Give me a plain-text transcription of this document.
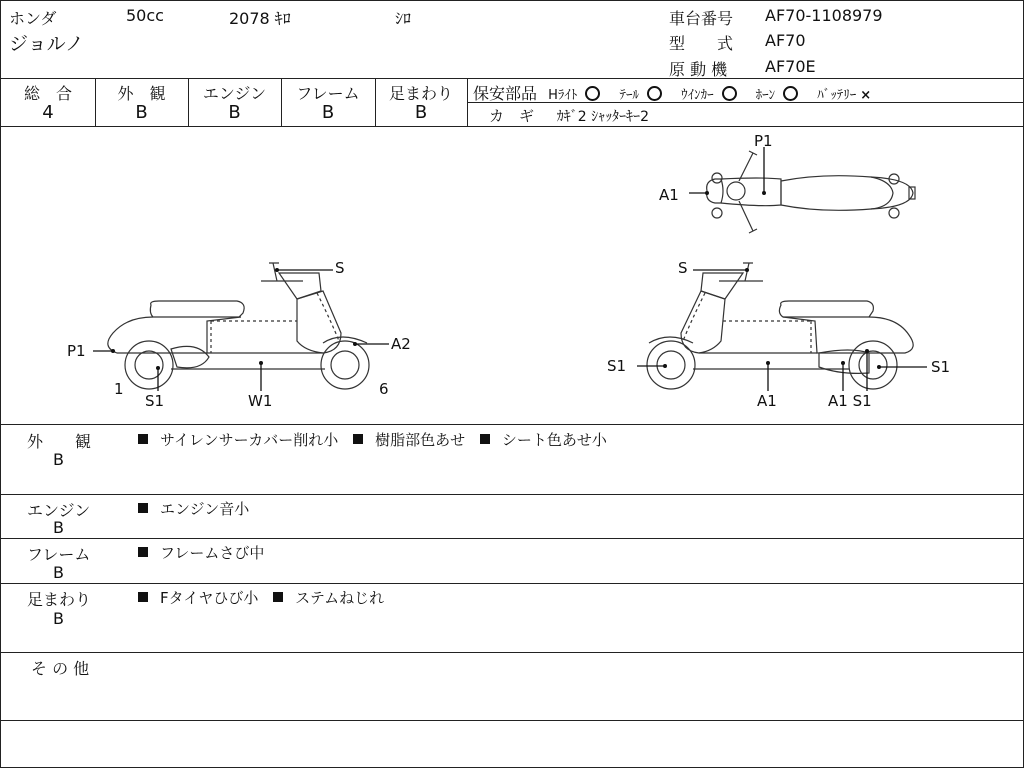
ホンダ	50cc	2078 ｷﾛ	ｼﾛ
ジョルノ
車台番号 AF70-1108979
型　　式 AF70
原 動 機 AF70E
総　合
4
外　観
B
エンジン
B
フレーム
B
足まわり
B
保安部品 Hﾗｲﾄ	ﾃｰﾙ	ｳｲﾝｶｰ	ﾎｰﾝ	ﾊﾞｯﾃﾘｰ ×
カ　ギ ｶｷﾞ2 ｼｬｯﾀｰｷｰ2
P1
A1
S
P1	A2
1
S1	W1
6
S
S1	S1
A1	A1 S1
外　　観
B
サイレンサーカバー削れ小 樹脂部色あせ シート色あせ小
エンジン
B
エンジン音小
フレーム
B
フレームさび中
足まわり
B
Fタイヤひび小 ステムねじれ
そ の 他
